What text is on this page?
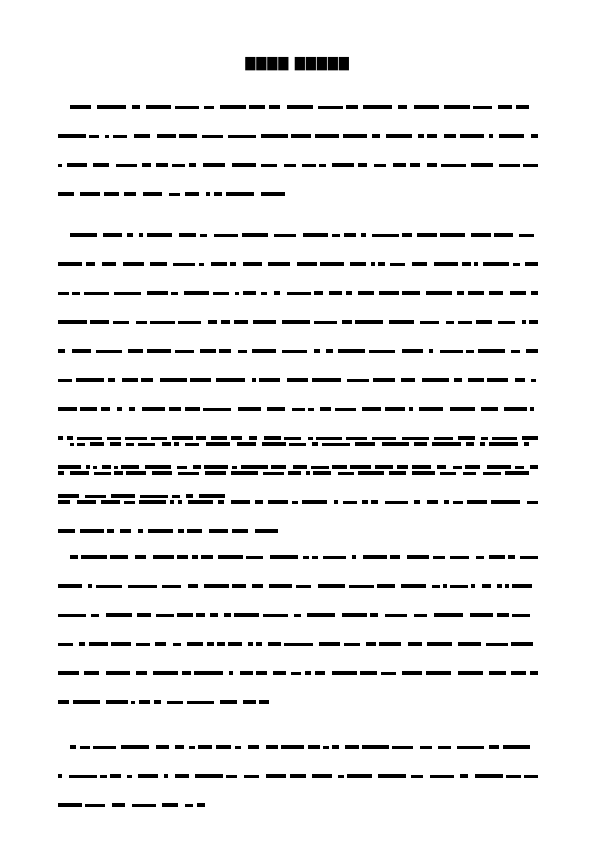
▇▇▇▇ ▇▇▇▇▇
